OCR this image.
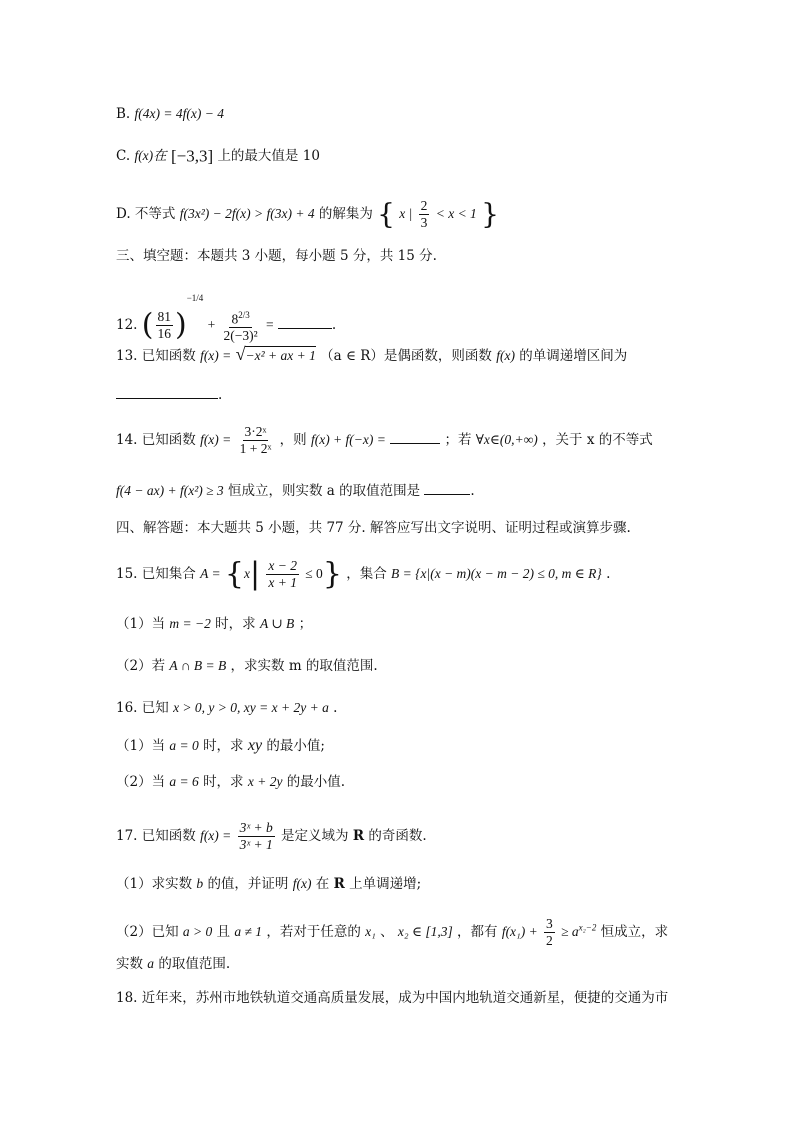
B. f(4x) = 4f(x) − 4
C. f(x)在 [−3,3] 上的最大值是 10
D. 不等式 f(3x²) − 2f(x) > f(3x) + 4 的解集为 { x | $\frac{2}{3} < x < 1$ }
三、填空题：本题共 3 小题，每小题 5 分，共 15 分.
12. ( $\frac{81}{16} )^{-1/4} + \frac{8^{2/3}}{\text{2(−3)²}}$ =	.
13. 已知函数 f(x) = √−x² + ax + 1 （a ∈ R）是偶函数，则函数 f(x) 的单调递增区间为
.
14. 已知函数 $f(x) = \frac{\text{3·2ˣ}}{\text{1 + 2ˣ}}$ ，则 f(x) + f(−x) =	；若 ∀x∈(0,+∞) ，关于 x 的不等式
f(4 − ax) + f(x²) ≥ 3 恒成立，则实数 a 的取值范围是	.
四、解答题：本大题共 5 小题，共 77 分. 解答应写出文字说明、证明过程或演算步骤.
15. 已知集合 $A = \{x| \frac{x - 2}{x + 1} \le 0\}$ ，集合 B = {x|(x − m)(x − m − 2) ≤ 0, m ∈ R} .
（1）当 m = −2 时，求 A ∪ B ；
（2）若 A ∩ B = B ，求实数 m 的取值范围.
16. 已知 x > 0, y > 0, xy = x + 2y + a .
（1）当 a = 0 时，求 xy 的最小值;
（2）当 a = 6 时，求 x + 2y 的最小值.
17. 已知函数 $f(x) = \frac{\text{3ˣ + b}}{\text{3ˣ + 1}}$ 是定义域为 R 的奇函数.
（1）求实数 b 的值，并证明 f(x) 在 R 上单调递增;
（2）已知 a > 0 且 a ≠ 1 ，若对于任意的 x₁ 、 x₂ ∈ [1,3] ，都有 $f(x_1) + \frac{3}{2} \ge a^{x_2-2}$ 恒成立，求
实数 a 的取值范围.
18. 近年来，苏州市地铁轨道交通高质量发展，成为中国内地轨道交通新星，便捷的交通为市
